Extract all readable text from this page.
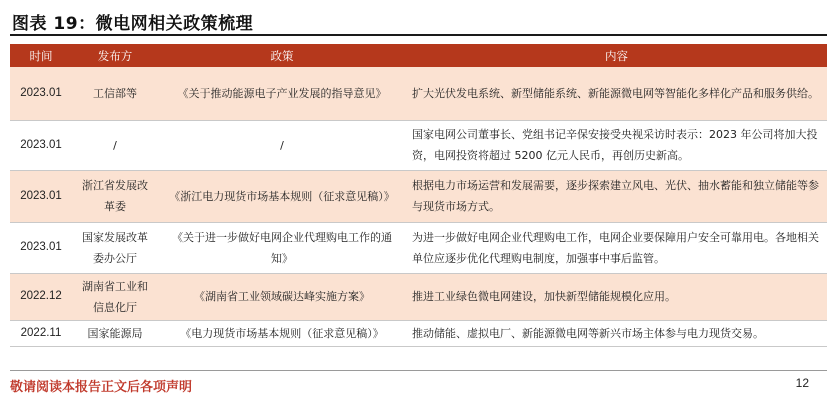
图表 19：微电网相关政策梳理
时间	发布方	政策	内容
2023.01	工信部等	《关于推动能源电子产业发展的指导意见》	扩大光伏发电系统、新型储能系统、新能源微电网等智能化多样化产品和服务供给。
2023.01	/	/	国家电网公司董事长、党组书记辛保安接受央视采访时表示：2023 年公司将加大投资，电网投资将超过 5200 亿元人民币，再创历史新高。
2023.01	浙江省发展改革委	《浙江电力现货市场基本规则（征求意见稿）》	根据电力市场运营和发展需要，逐步探索建立风电、光伏、抽水蓄能和独立储能等参与现货市场方式。
2023.01	国家发展改革委办公厅	《关于进一步做好电网企业代理购电工作的通知》	为进一步做好电网企业代理购电工作，电网企业要保障用户安全可靠用电。各地相关单位应逐步优化代理购电制度，加强事中事后监管。
2022.12	湖南省工业和信息化厅	《湖南省工业领域碳达峰实施方案》	推进工业绿色微电网建设，加快新型储能规模化应用。
2022.11	国家能源局	《电力现货市场基本规则（征求意见稿）》	推动储能、虚拟电厂、新能源微电网等新兴市场主体参与电力现货交易。
敬请阅读本报告正文后各项声明	12
